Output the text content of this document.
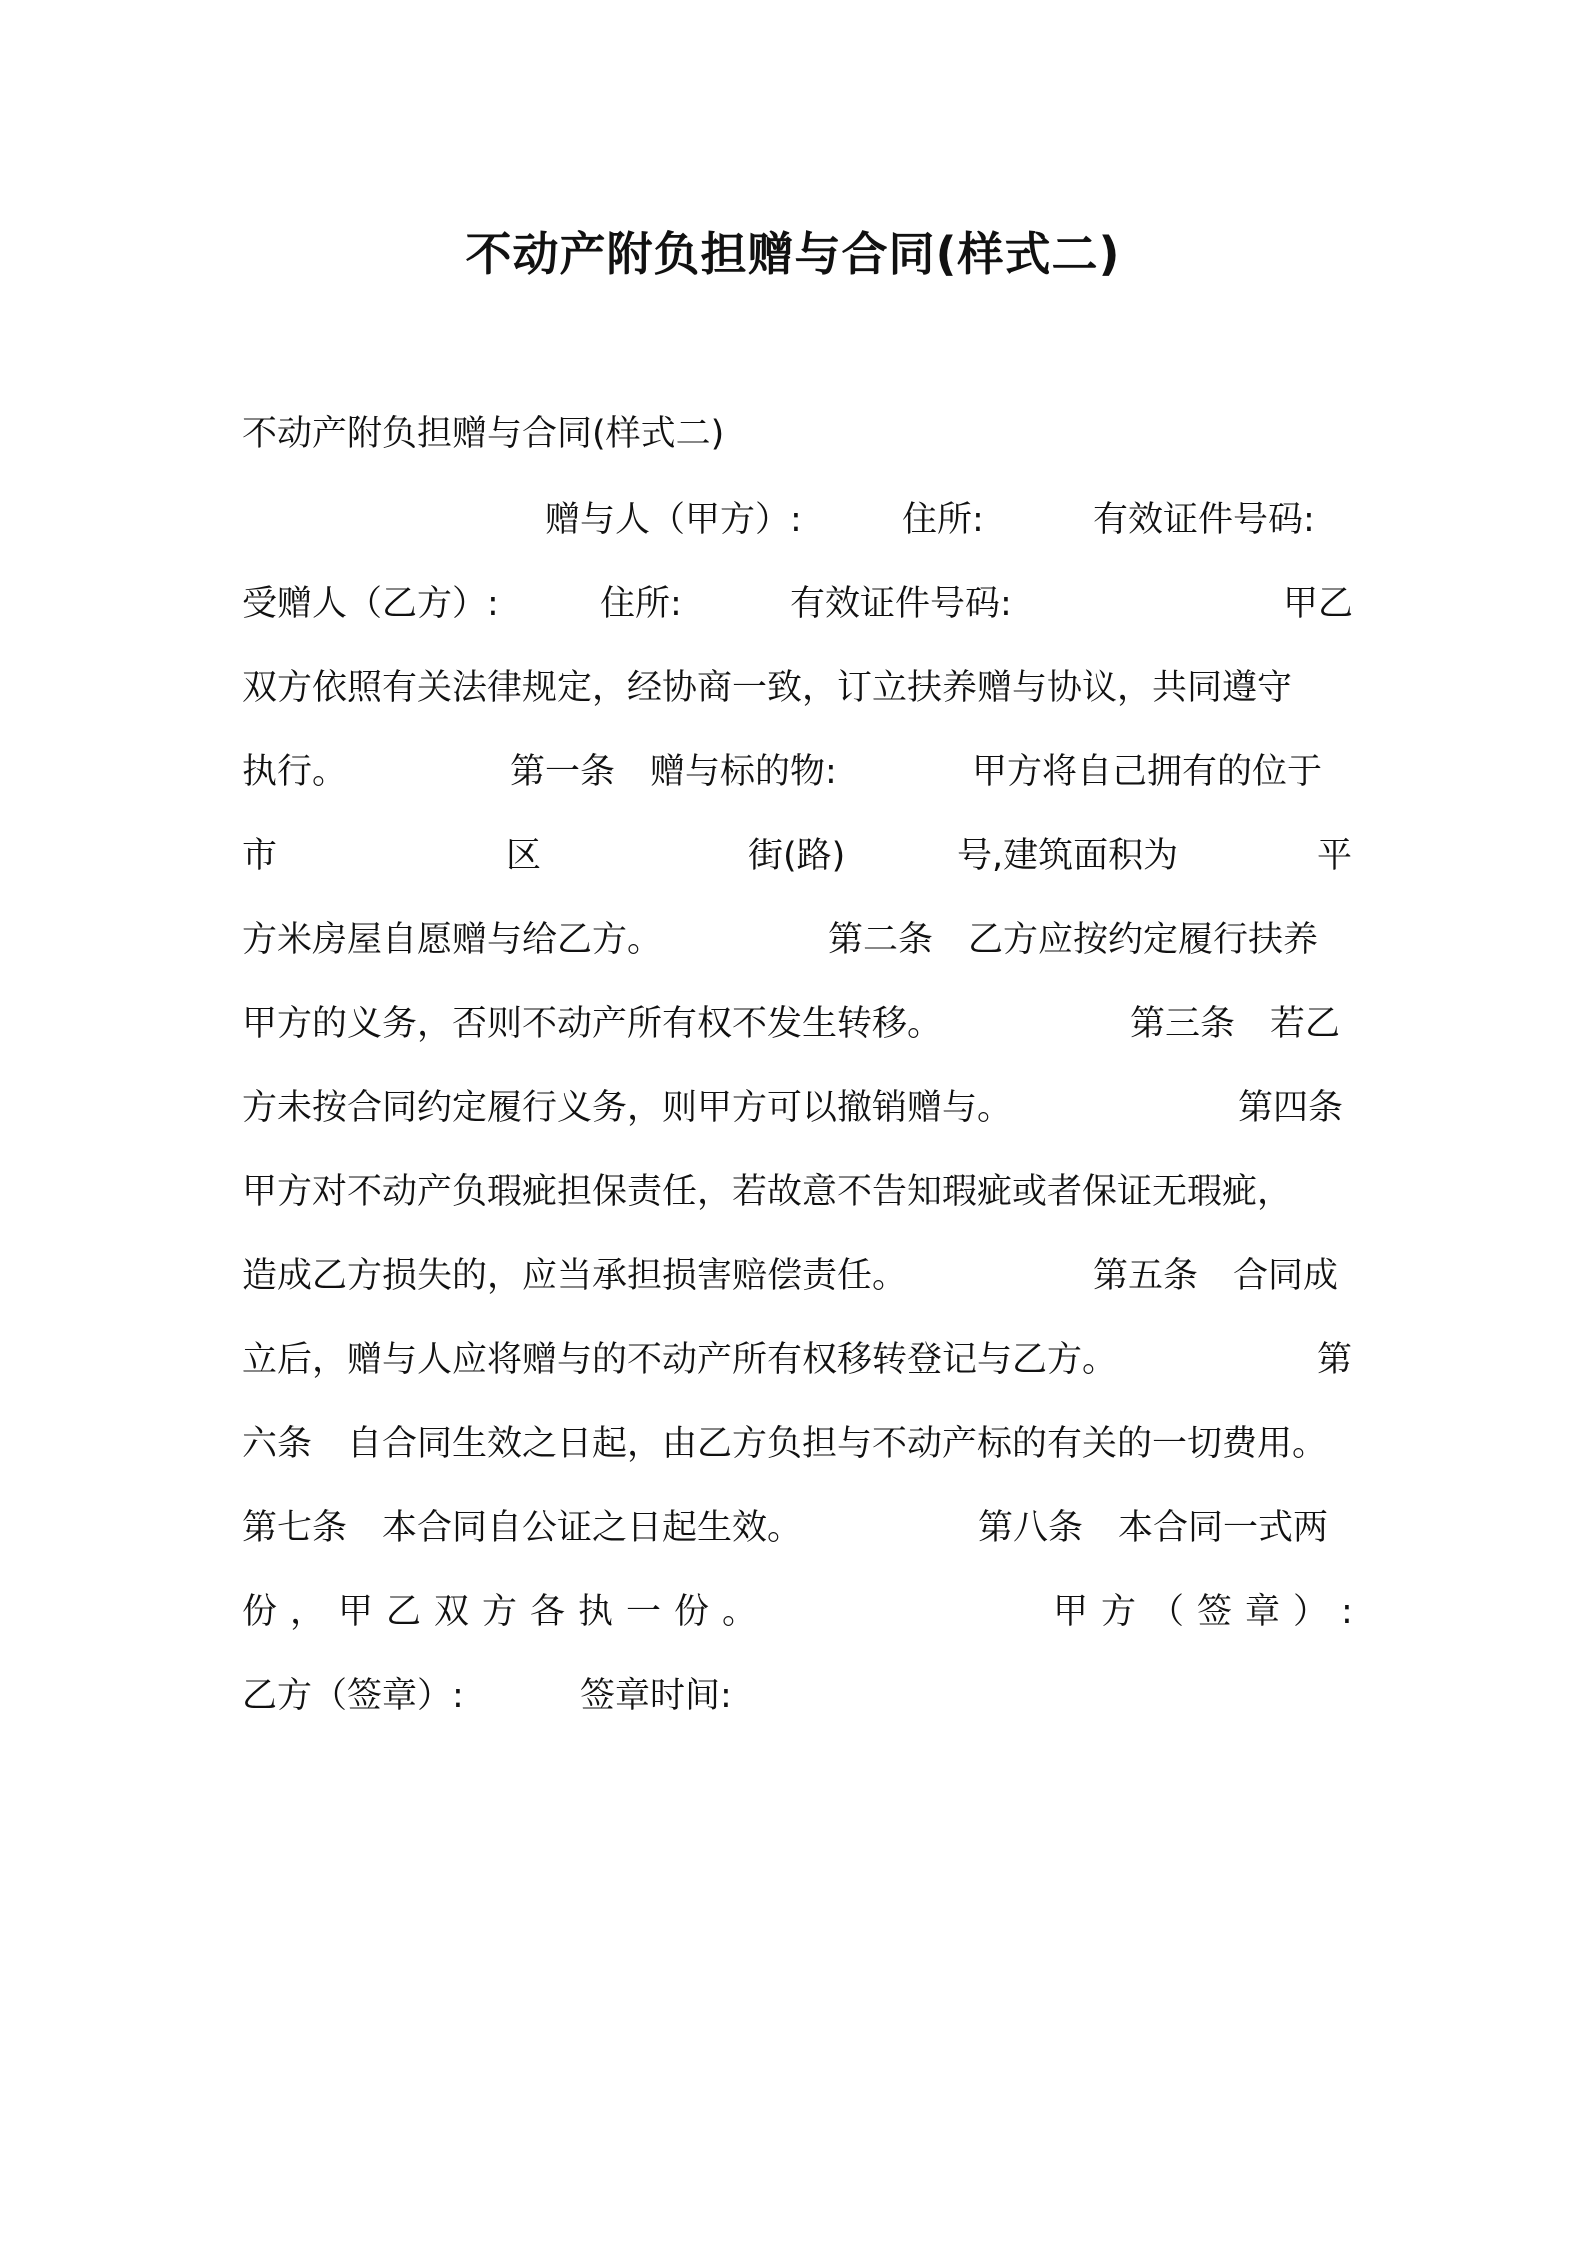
不动产附负担赠与合同(样式二)
不动产附负担赠与合同(样式二)
赠与人（甲方）:	住所:	有效证件号码:
受赠人（乙方）:	住所:	有效证件号码:	甲乙
双方依照有关法律规定，经协商一致，订立扶养赠与协议，共同遵守
执行。	第一条　赠与标的物:	甲方将自己拥有的位于
市	区	街(路)	号,建筑面积为	平
方米房屋自愿赠与给乙方。	第二条　乙方应按约定履行扶养
甲方的义务，否则不动产所有权不发生转移。	第三条　若乙
方未按合同约定履行义务，则甲方可以撤销赠与。	第四条
甲方对不动产负瑕疵担保责任，若故意不告知瑕疵或者保证无瑕疵，
造成乙方损失的，应当承担损害赔偿责任。	第五条　合同成
立后，赠与人应将赠与的不动产所有权移转登记与乙方。	第
六条　自合同生效之日起，由乙方负担与不动产标的有关的一切费用。
第七条　本合同自公证之日起生效。	第八条　本合同一式两
份，甲乙双方各执一份。	甲方（签章）:
乙方（签章）:	签章时间:
